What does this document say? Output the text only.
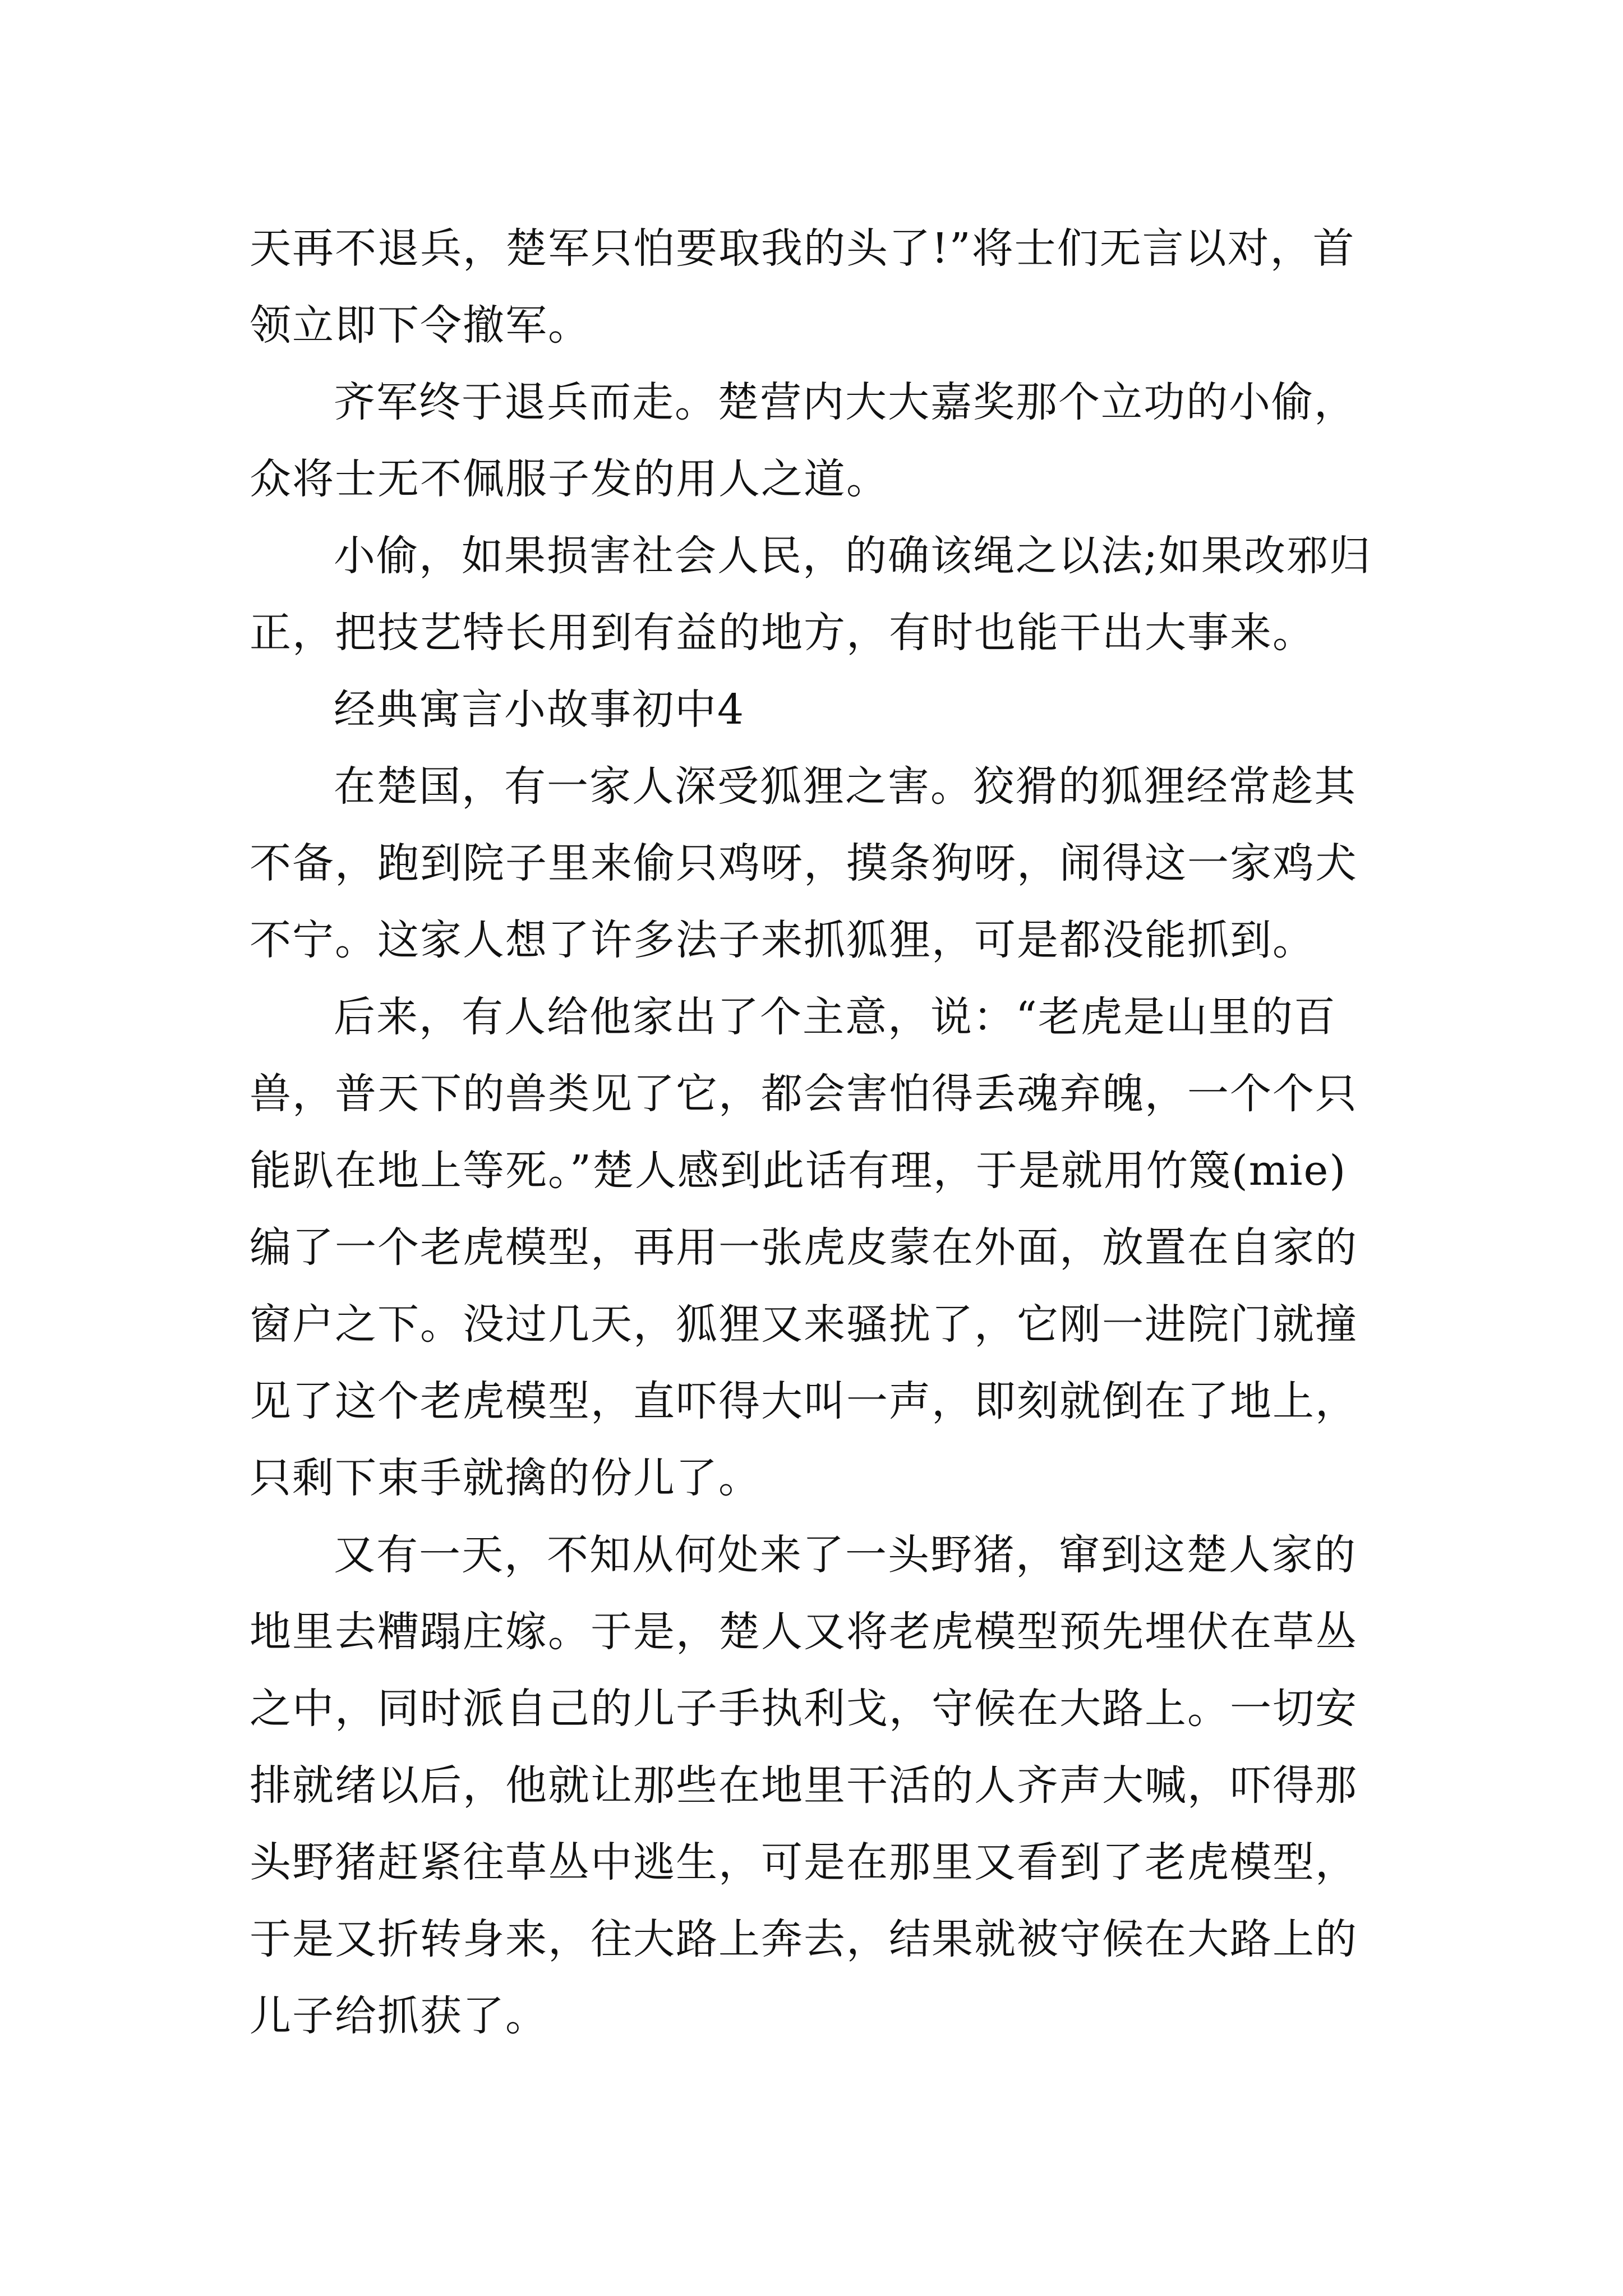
天再不退兵，楚军只怕要取我的头了!”将士们无言以对，首领立即下令撤军。

齐军终于退兵而走。楚营内大大嘉奖那个立功的小偷，众将士无不佩服子发的用人之道。

小偷，如果损害社会人民，的确该绳之以法;如果改邪归正，把技艺特长用到有益的地方，有时也能干出大事来。

经典寓言小故事初中4

在楚国，有一家人深受狐狸之害。狡猾的狐狸经常趁其不备，跑到院子里来偷只鸡呀，摸条狗呀，闹得这一家鸡犬不宁。这家人想了许多法子来抓狐狸，可是都没能抓到。

后来，有人给他家出了个主意，说：“老虎是山里的百兽，普天下的兽类见了它，都会害怕得丢魂弃魄，一个个只能趴在地上等死。”楚人感到此话有理，于是就用竹篾(mie)编了一个老虎模型，再用一张虎皮蒙在外面，放置在自家的窗户之下。没过几天，狐狸又来骚扰了，它刚一进院门就撞见了这个老虎模型，直吓得大叫一声，即刻就倒在了地上，只剩下束手就擒的份儿了。

又有一天，不知从何处来了一头野猪，窜到这楚人家的地里去糟蹋庄嫁。于是，楚人又将老虎模型预先埋伏在草丛之中，同时派自己的儿子手执利戈，守候在大路上。一切安排就绪以后，他就让那些在地里干活的人齐声大喊，吓得那头野猪赶紧往草丛中逃生，可是在那里又看到了老虎模型，于是又折转身来，往大路上奔去，结果就被守候在大路上的儿子给抓获了。
